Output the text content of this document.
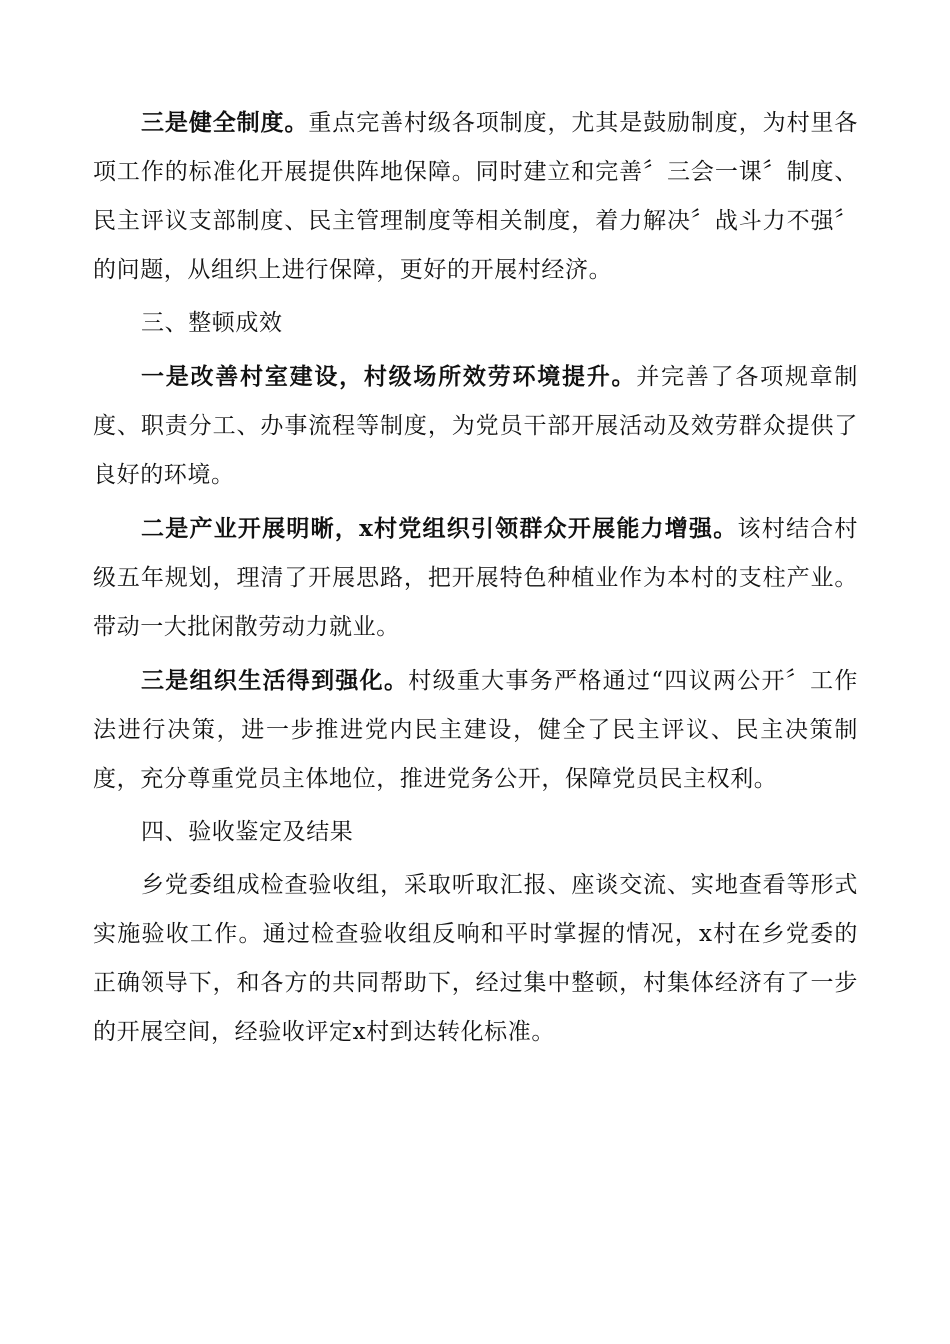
三是健全制度。重点完善村级各项制度，尤其是鼓励制度，为村里各项工作的标准化开展提供阵地保障。同时建立和完善〞三会一课〞制度、民主评议支部制度、民主管理制度等相关制度，着力解决〞战斗力不强〞的问题，从组织上进行保障，更好的开展村经济。

三、整顿成效

一是改善村室建设，村级场所效劳环境提升。并完善了各项规章制度、职责分工、办事流程等制度，为党员干部开展活动及效劳群众提供了良好的环境。

二是产业开展明晰，x村党组织引领群众开展能力增强。该村结合村级五年规划，理清了开展思路，把开展特色种植业作为本村的支柱产业。带动一大批闲散劳动力就业。

三是组织生活得到强化。村级重大事务严格通过“四议两公开〞工作法进行决策，进一步推进党内民主建设，健全了民主评议、民主决策制度，充分尊重党员主体地位，推进党务公开，保障党员民主权利。

四、验收鉴定及结果

乡党委组成检查验收组，采取听取汇报、座谈交流、实地查看等形式实施验收工作。通过检查验收组反响和平时掌握的情况，x村在乡党委的正确领导下，和各方的共同帮助下，经过集中整顿，村集体经济有了一步的开展空间，经验收评定x村到达转化标准。
